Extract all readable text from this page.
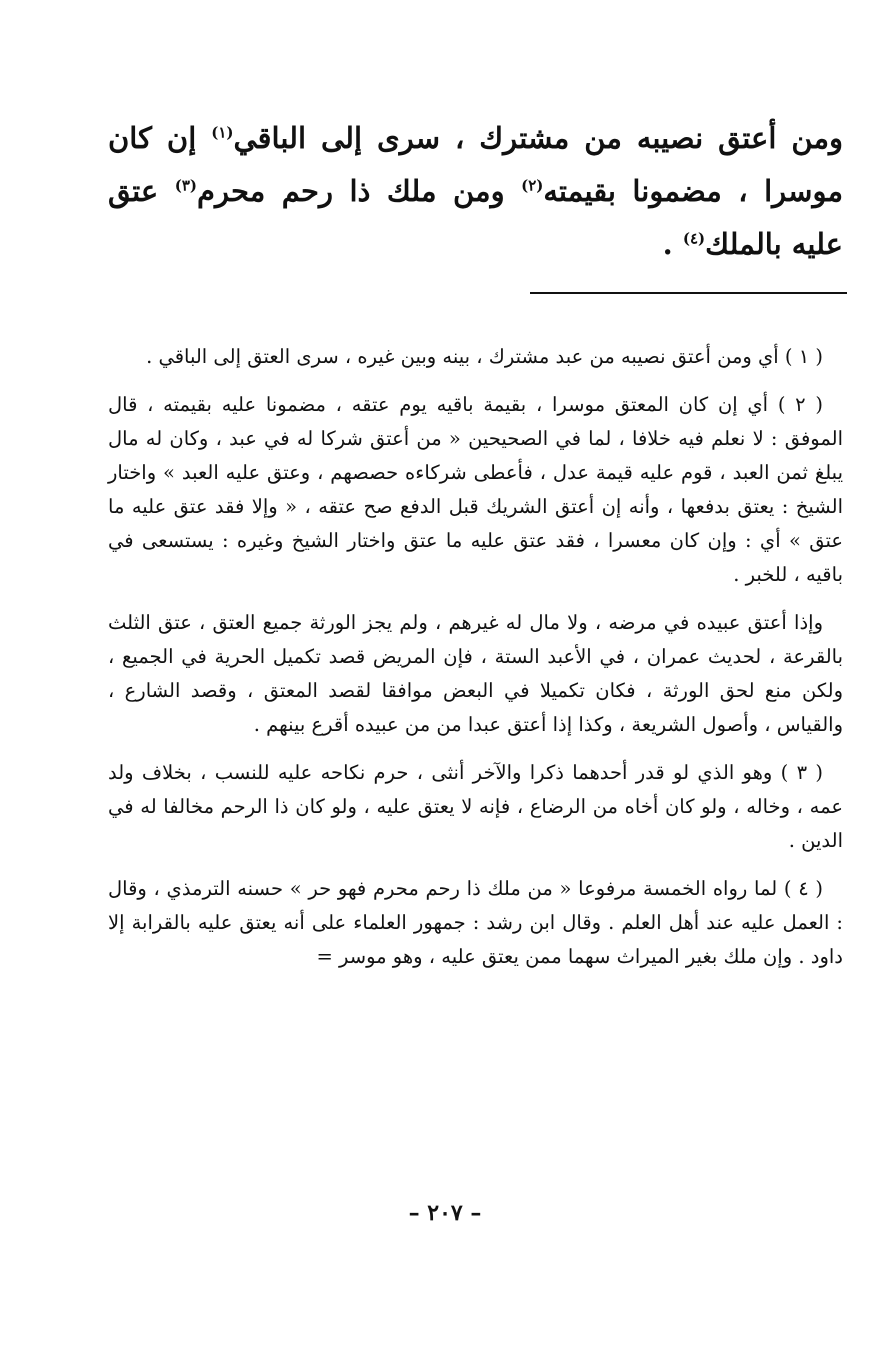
ومن أعتق نصيبه من مشترك ، سرى إلى الباقي$^{(١)}$ إن كان موسرا ، مضمونا بقيمته$^{(٢)}$ ومن ملك ذا رحم محرم$^{(٣)}$ عتق عليه بالملك$^{(٤)}$ .

( ١ ) أي ومن أعتق نصيبه من عبد مشترك ، بينه وبين غيره ، سرى العتق إلى الباقي .

( ٢ ) أي إن كان المعتق موسرا ، بقيمة باقيه يوم عتقه ، مضمونا عليه بقيمته ، قال الموفق : لا نعلم فيه خلافا ، لما في الصحيحين « من أعتق شركا له في عبد ، وكان له مال يبلغ ثمن العبد ، قوم عليه قيمة عدل ، فأعطى شركاءه حصصهم ، وعتق عليه العبد » واختار الشيخ : يعتق بدفعها ، وأنه إن أعتق الشريك قبل الدفع صح عتقه ، « وإلا فقد عتق عليه ما عتق » أي : وإن كان معسرا ، فقد عتق عليه ما عتق واختار الشيخ وغيره : يستسعى في باقيه ، للخبر .

وإذا أعتق عبيده في مرضه ، ولا مال له غيرهم ، ولم يجز الورثة جميع العتق ، عتق الثلث بالقرعة ، لحديث عمران ، في الأعبد الستة ، فإن المريض قصد تكميل الحرية في الجميع ، ولكن منع لحق الورثة ، فكان تكميلا في البعض موافقا لقصد المعتق ، وقصد الشارع ، والقياس ، وأصول الشريعة ، وكذا إذا أعتق عبدا من من عبيده أقرع بينهم .

( ٣ ) وهو الذي لو قدر أحدهما ذكرا والآخر أنثى ، حرم نكاحه عليه للنسب ، بخلاف ولد عمه ، وخاله ، ولو كان أخاه من الرضاع ، فإنه لا يعتق عليه ، ولو كان ذا الرحم مخالفا له في الدين .

( ٤ ) لما رواه الخمسة مرفوعا « من ملك ذا رحم محرم فهو حر » حسنه الترمذي ، وقال : العمل عليه عند أهل العلم . وقال ابن رشد : جمهور العلماء على أنه يعتق عليه بالقرابة إلا داود . وإن ملك بغير الميراث سهما ممن يعتق عليه ، وهو موسر =

– ٢٠٧ –
